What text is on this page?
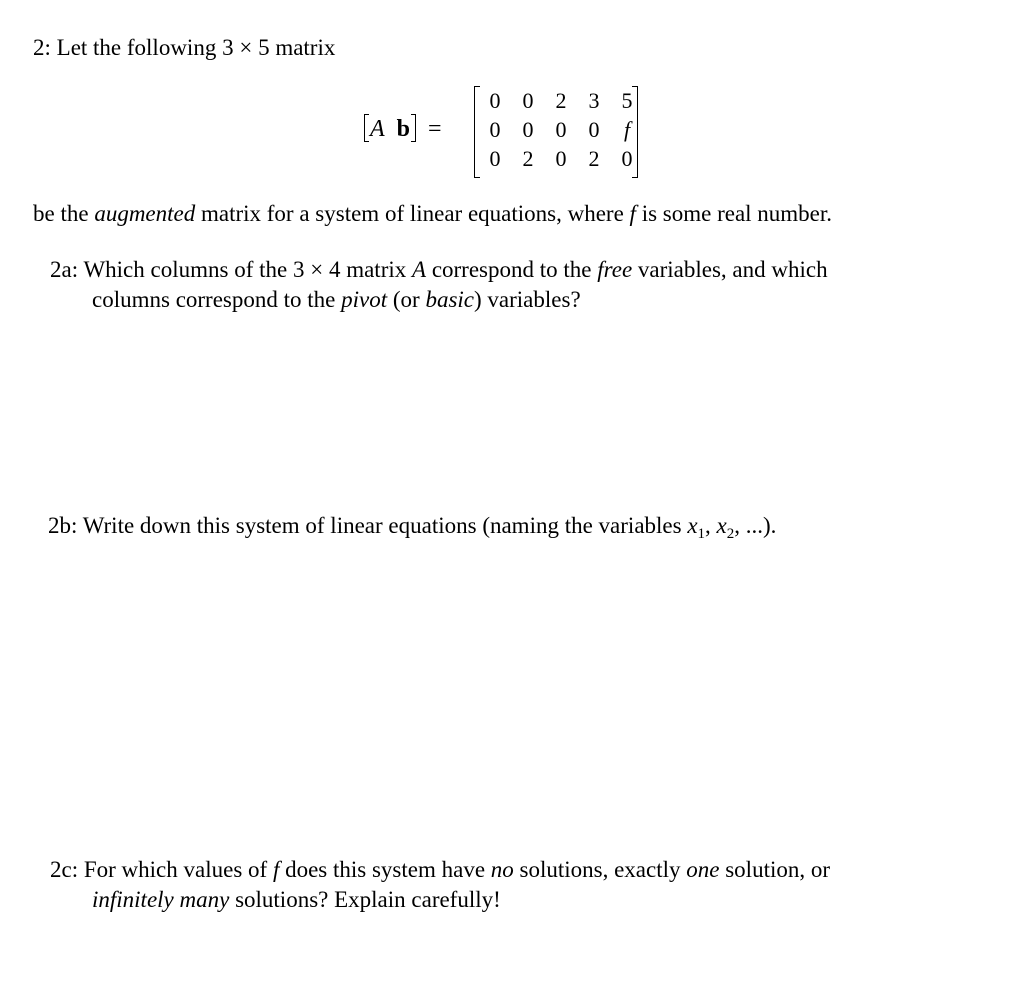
2: Let the following 3 × 5 matrix
A b =
0 0 2 3 5
0 0 0 0	f
0 2 0 2 0
be the augmented matrix for a system of linear equations, where f is some real number.
2a: Which columns of the 3 × 4 matrix A correspond to the free variables, and which
columns correspond to the pivot (or basic) variables?
2b: Write down this system of linear equations (naming the variables $x_1$, $x_2$, ...).
2c: For which values of f does this system have no solutions, exactly one solution, or
infinitely many solutions? Explain carefully!
